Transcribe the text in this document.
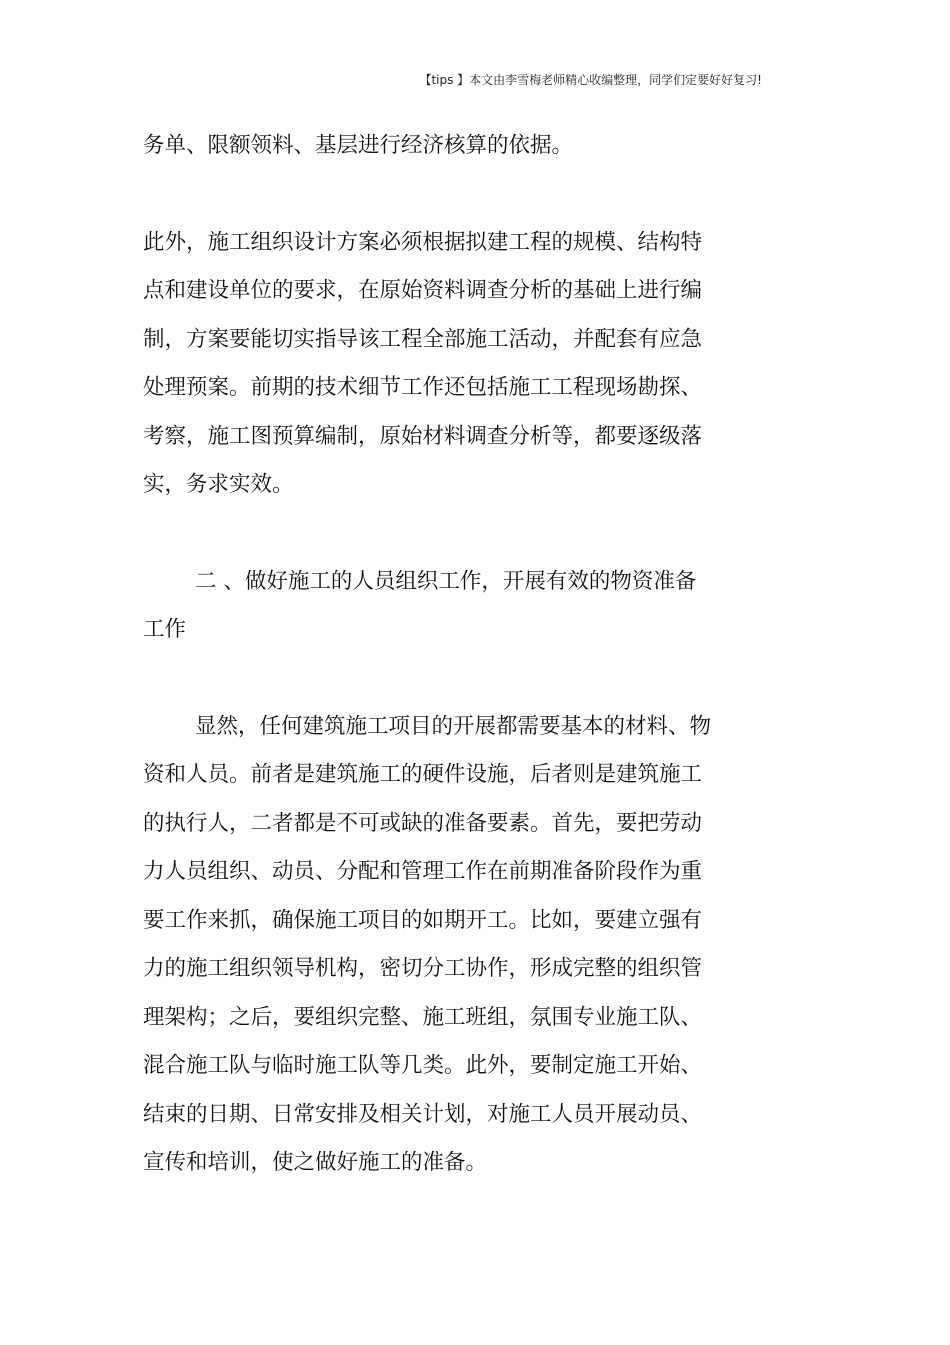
【tips 】本文由李雪梅老师精心收编整理，同学们定要好好复习!
务单、限额领料、基层进行经济核算的依据。
此外，施工组织设计方案必须根据拟建工程的规模、结构特
点和建设单位的要求，在原始资料调查分析的基础上进行编
制，方案要能切实指导该工程全部施工活动，并配套有应急
处理预案。前期的技术细节工作还包括施工工程现场勘探、
考察，施工图预算编制，原始材料调查分析等，都要逐级落
实，务求实效。
二 、做好施工的人员组织工作，开展有效的物资准备
工作
显然，任何建筑施工项目的开展都需要基本的材料、物
资和人员。前者是建筑施工的硬件设施，后者则是建筑施工
的执行人，二者都是不可或缺的准备要素。首先，要把劳动
力人员组织、动员、分配和管理工作在前期准备阶段作为重
要工作来抓，确保施工项目的如期开工。比如，要建立强有
力的施工组织领导机构，密切分工协作，形成完整的组织管
理架构；之后，要组织完整、施工班组，氛围专业施工队、
混合施工队与临时施工队等几类。此外，要制定施工开始、
结束的日期、日常安排及相关计划，对施工人员开展动员、
宣传和培训，使之做好施工的准备。
